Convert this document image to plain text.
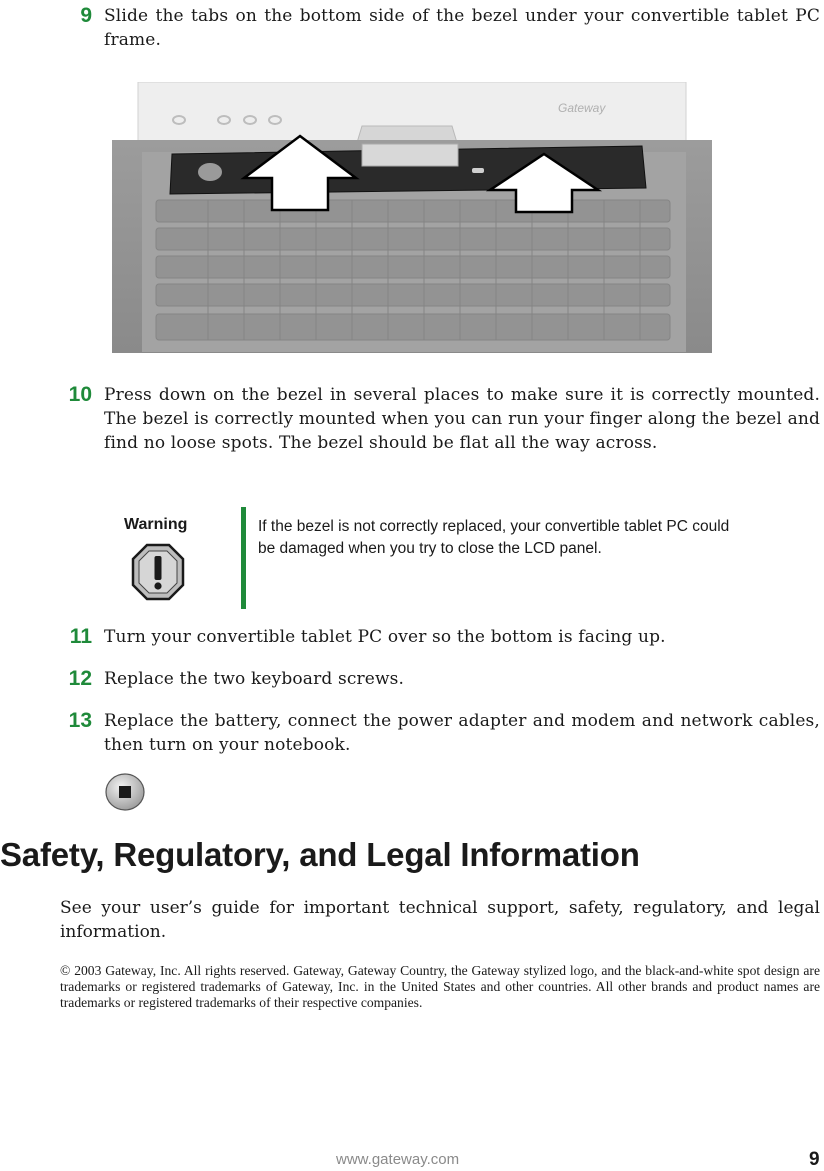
9 Slide the tabs on the bottom side of the bezel under your convertible tablet PC frame.
Gateway
10 Press down on the bezel in several places to make sure it is correctly mounted. The bezel is correctly mounted when you can run your finger along the bezel and find no loose spots. The bezel should be flat all the way across.
Warning	If the bezel is not correctly replaced, your convertible tablet PC could be damaged when you try to close the LCD panel.
11 Turn your convertible tablet PC over so the bottom is facing up.
12 Replace the two keyboard screws.
13 Replace the battery, connect the power adapter and modem and network cables, then turn on your notebook.
Safety, Regulatory, and Legal Information
See your user’s guide for important technical support, safety, regulatory, and legal information.
© 2003 Gateway, Inc. All rights reserved. Gateway, Gateway Country, the Gateway stylized logo, and the black-and-white spot design are trademarks or registered trademarks of Gateway, Inc. in the United States and other countries. All other brands and product names are trademarks or registered trademarks of their respective companies.
www.gateway.com	9
